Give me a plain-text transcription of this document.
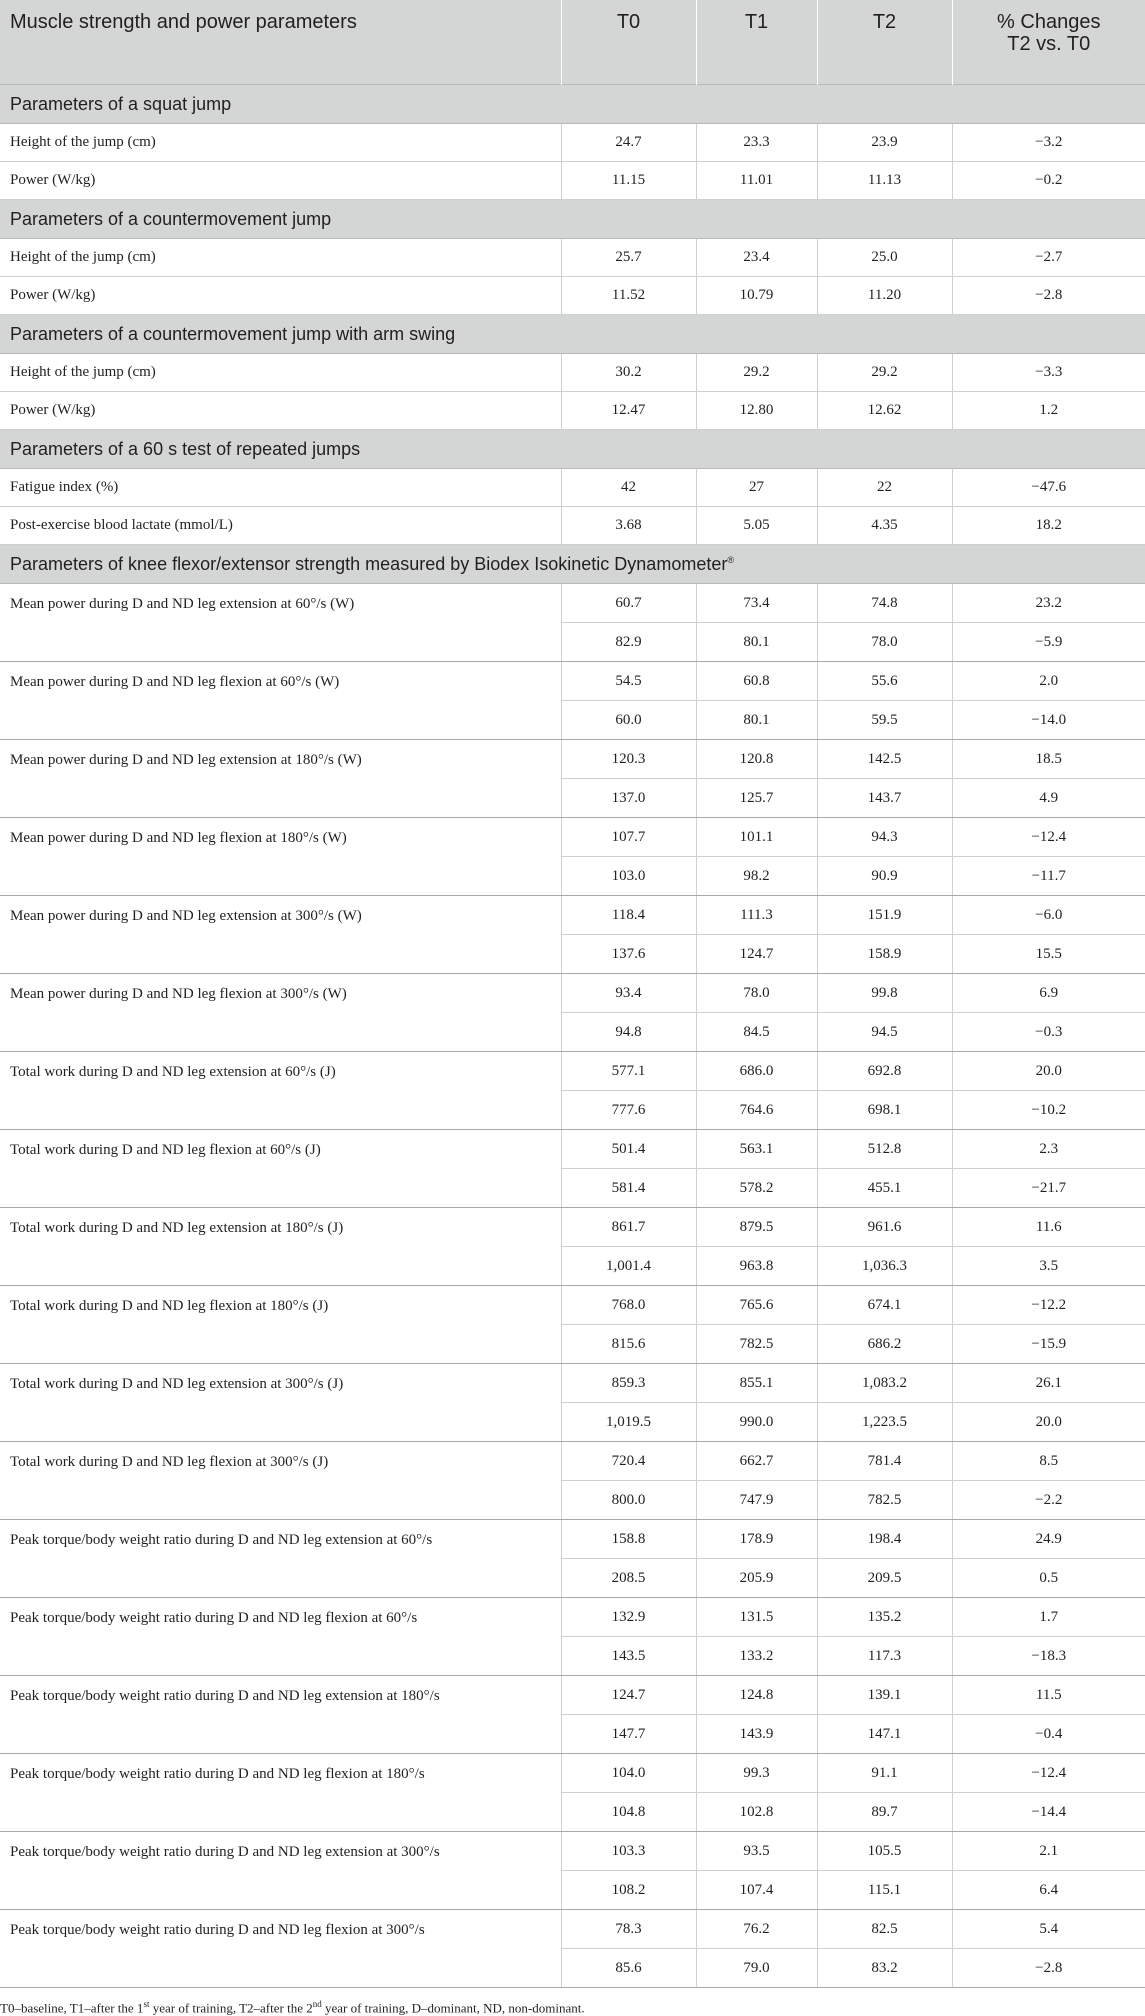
Muscle strength and power parameters	T0	T1	T2	% Changes
T2 vs. T0
Parameters of a squat jump				
Height of the jump (cm)	24.7	23.3	23.9	−3.2
Power (W/kg)	11.15	11.01	11.13	−0.2
Parameters of a countermovement jump				
Height of the jump (cm)	25.7	23.4	25.0	−2.7
Power (W/kg)	11.52	10.79	11.20	−2.8
Parameters of a countermovement jump with arm swing				
Height of the jump (cm)	30.2	29.2	29.2	−3.3
Power (W/kg)	12.47	12.80	12.62	1.2
Parameters of a 60 s test of repeated jumps				
Fatigue index (%)	42	27	22	−47.6
Post-exercise blood lactate (mmol/L)	3.68	5.05	4.35	18.2
Parameters of knee flexor/extensor strength measured by Biodex Isokinetic Dynamometer®
Mean power during D and ND leg extension at 60°/s (W)	60.7	73.4	74.8	23.2
	82.9	80.1	78.0	−5.9
Mean power during D and ND leg flexion at 60°/s (W)	54.5	60.8	55.6	2.0
	60.0	80.1	59.5	−14.0
Mean power during D and ND leg extension at 180°/s (W)	120.3	120.8	142.5	18.5
	137.0	125.7	143.7	4.9
Mean power during D and ND leg flexion at 180°/s (W)	107.7	101.1	94.3	−12.4
	103.0	98.2	90.9	−11.7
Mean power during D and ND leg extension at 300°/s (W)	118.4	111.3	151.9	−6.0
	137.6	124.7	158.9	15.5
Mean power during D and ND leg flexion at 300°/s (W)	93.4	78.0	99.8	6.9
	94.8	84.5	94.5	−0.3
Total work during D and ND leg extension at 60°/s (J)	577.1	686.0	692.8	20.0
	777.6	764.6	698.1	−10.2
Total work during D and ND leg flexion at 60°/s (J)	501.4	563.1	512.8	2.3
	581.4	578.2	455.1	−21.7
Total work during D and ND leg extension at 180°/s (J)	861.7	879.5	961.6	11.6
	1,001.4	963.8	1,036.3	3.5
Total work during D and ND leg flexion at 180°/s (J)	768.0	765.6	674.1	−12.2
	815.6	782.5	686.2	−15.9
Total work during D and ND leg extension at 300°/s (J)	859.3	855.1	1,083.2	26.1
	1,019.5	990.0	1,223.5	20.0
Total work during D and ND leg flexion at 300°/s (J)	720.4	662.7	781.4	8.5
	800.0	747.9	782.5	−2.2
Peak torque/body weight ratio during D and ND leg extension at 60°/s	158.8	178.9	198.4	24.9
	208.5	205.9	209.5	0.5
Peak torque/body weight ratio during D and ND leg flexion at 60°/s	132.9	131.5	135.2	1.7
	143.5	133.2	117.3	−18.3
Peak torque/body weight ratio during D and ND leg extension at 180°/s	124.7	124.8	139.1	11.5
	147.7	143.9	147.1	−0.4
Peak torque/body weight ratio during D and ND leg flexion at 180°/s	104.0	99.3	91.1	−12.4
	104.8	102.8	89.7	−14.4
Peak torque/body weight ratio during D and ND leg extension at 300°/s	103.3	93.5	105.5	2.1
	108.2	107.4	115.1	6.4
Peak torque/body weight ratio during D and ND leg flexion at 300°/s	78.3	76.2	82.5	5.4
	85.6	79.0	83.2	−2.8
T0–baseline, T1–after the 1st year of training, T2–after the 2nd year of training, D–dominant, ND, non-dominant.
